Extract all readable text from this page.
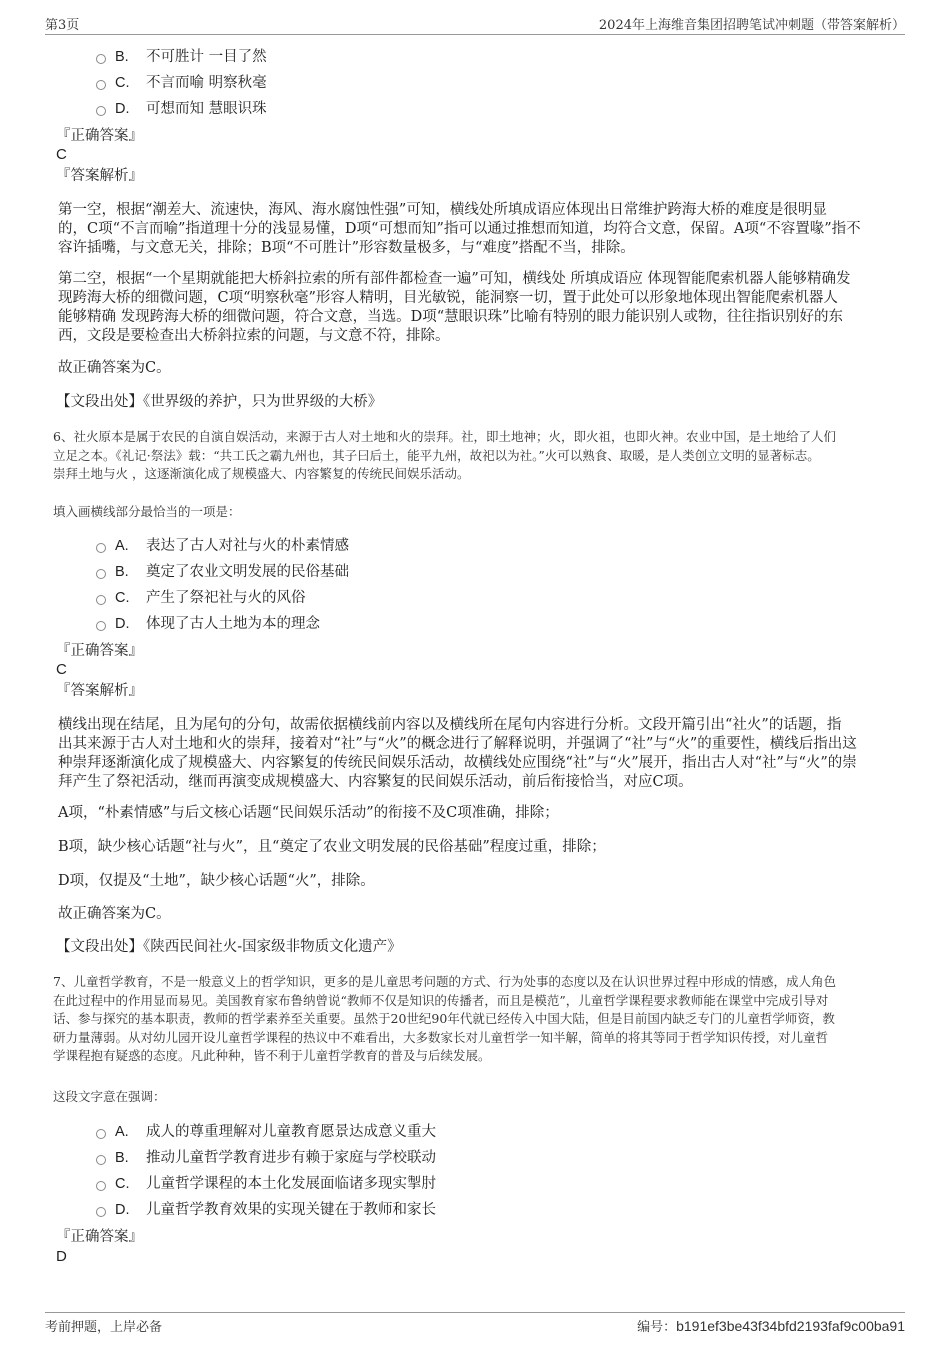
第3页	2024年上海维音集团招聘笔试冲刺题（带答案解析）
B. 不可胜计 一目了然
C. 不言而喻 明察秋毫
D. 可想而知 慧眼识珠
『正确答案』
C
『答案解析』
第一空，根据“潮差大、流速快，海风、海水腐蚀性强”可知，横线处所填成语应体现出日常维护跨海大桥的难度是很明显
的，C项“不言而喻”指道理十分的浅显易懂，D项“可想而知”指可以通过推想而知道，均符合文意，保留。A项“不容置喙”指不
容许插嘴，与文意无关，排除；B项“不可胜计”形容数量极多，与“难度”搭配不当，排除。
第二空，根据“一个星期就能把大桥斜拉索的所有部件都检查一遍”可知，横线处 所填成语应 体现智能爬索机器人能够精确发
现跨海大桥的细微问题，C项“明察秋毫”形容人精明，目光敏锐，能洞察一切，置于此处可以形象地体现出智能爬索机器人
能够精确 发现跨海大桥的细微问题，符合文意，当选。D项“慧眼识珠”比喻有特别的眼力能识别人或物，往往指识别好的东
西，文段是要检查出大桥斜拉索的问题，与文意不符，排除。
故正确答案为C。
【文段出处】《世界级的养护，只为世界级的大桥》
6、社火原本是属于农民的自演自娱活动，来源于古人对土地和火的崇拜。社，即土地神；火，即火祖，也即火神。农业中国，是土地给了人们
立足之本。《礼记·祭法》载：“共工氏之霸九州也，其子曰后土，能平九州，故祀以为社。”火可以熟食、取暖，是人类创立文明的显著标志。
崇拜土地与火 ，这逐渐演化成了规模盛大、内容繁复的传统民间娱乐活动。
填入画横线部分最恰当的一项是：
A. 表达了古人对社与火的朴素情感
B. 奠定了农业文明发展的民俗基础
C. 产生了祭祀社与火的风俗
D. 体现了古人土地为本的理念
『正确答案』
C
『答案解析』
横线出现在结尾，且为尾句的分句，故需依据横线前内容以及横线所在尾句内容进行分析。文段开篇引出“社火”的话题，指
出其来源于古人对土地和火的崇拜，接着对“社”与“火”的概念进行了解释说明，并强调了“社”与“火”的重要性，横线后指出这
种崇拜逐渐演化成了规模盛大、内容繁复的传统民间娱乐活动，故横线处应围绕“社”与“火”展开，指出古人对“社”与“火”的崇
拜产生了祭祀活动，继而再演变成规模盛大、内容繁复的民间娱乐活动，前后衔接恰当，对应C项。
A项，“朴素情感”与后文核心话题“民间娱乐活动”的衔接不及C项准确，排除；
B项，缺少核心话题“社与火”，且“奠定了农业文明发展的民俗基础”程度过重，排除；
D项，仅提及“土地”，缺少核心话题“火”，排除。
故正确答案为C。
【文段出处】《陕西民间社火-国家级非物质文化遗产》
7、儿童哲学教育，不是一般意义上的哲学知识，更多的是儿童思考问题的方式、行为处事的态度以及在认识世界过程中形成的情感，成人角色
在此过程中的作用显而易见。美国教育家布鲁纳曾说“教师不仅是知识的传播者，而且是模范”，儿童哲学课程要求教师能在课堂中完成引导对
话、参与探究的基本职责，教师的哲学素养至关重要。虽然于20世纪90年代就已经传入中国大陆，但是目前国内缺乏专门的儿童哲学师资，教
研力量薄弱。从对幼儿园开设儿童哲学课程的热议中不难看出，大多数家长对儿童哲学一知半解，简单的将其等同于哲学知识传授，对儿童哲
学课程抱有疑惑的态度。凡此种种，皆不利于儿童哲学教育的普及与后续发展。
这段文字意在强调：
A. 成人的尊重理解对儿童教育愿景达成意义重大
B. 推动儿童哲学教育进步有赖于家庭与学校联动
C. 儿童哲学课程的本土化发展面临诸多现实掣肘
D. 儿童哲学教育效果的实现关键在于教师和家长
『正确答案』
D
考前押题，上岸必备	编号：b191ef3be43f34bfd2193faf9c00ba91
